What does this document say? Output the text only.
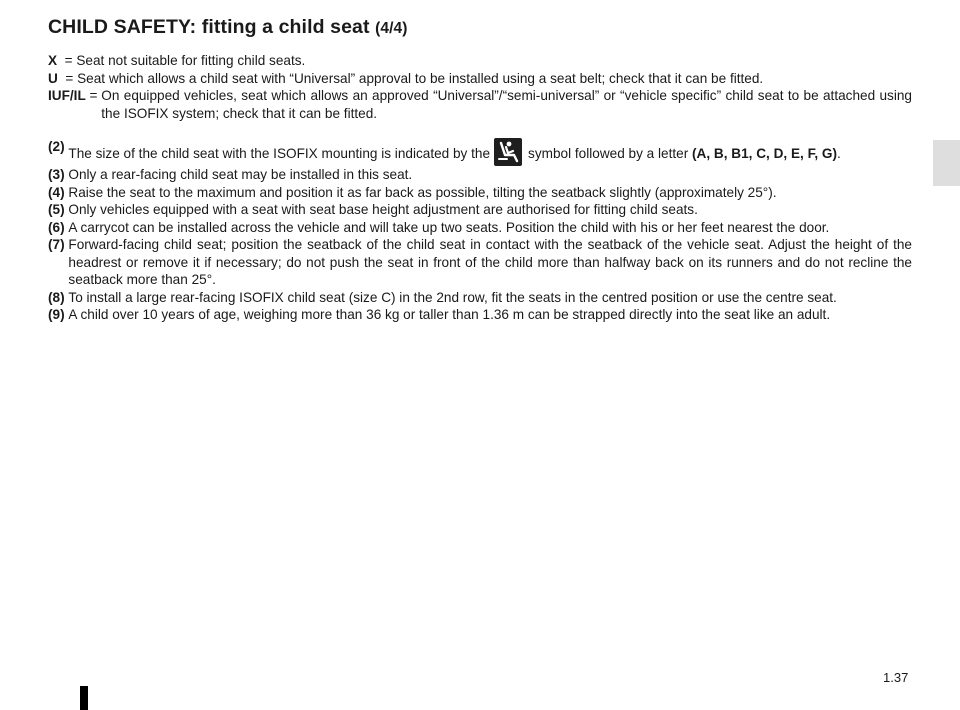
CHILD SAFETY: fitting a child seat (4/4)
X = Seat not suitable for fitting child seats.
U = Seat which allows a child seat with “Universal” approval to be installed using a seat belt; check that it can be fitted.
IUF/IL = On equipped vehicles, seat which allows an approved “Universal”/“semi-universal” or “vehicle specific” child seat to be attached using the ISOFIX system; check that it can be fitted.
(2) The size of the child seat with the ISOFIX mounting is indicated by the	symbol followed by a letter (A, B, B1, C, D, E, F, G).
(3) Only a rear-facing child seat may be installed in this seat.
(4) Raise the seat to the maximum and position it as far back as possible, tilting the seatback slightly (approximately 25°).
(5) Only vehicles equipped with a seat with seat base height adjustment are authorised for fitting child seats.
(6) A carrycot can be installed across the vehicle and will take up two seats. Position the child with his or her feet nearest the door.
(7) Forward-facing child seat; position the seatback of the child seat in contact with the seatback of the vehicle seat. Adjust the height of the headrest or remove it if necessary; do not push the seat in front of the child more than halfway back on its runners and do not recline the seatback more than 25°.
(8) To install a large rear-facing ISOFIX child seat (size C) in the 2nd row, fit the seats in the centred position or use the centre seat.
(9) A child over 10 years of age, weighing more than 36 kg or taller than 1.36 m can be strapped directly into the seat like an adult.
1.37
